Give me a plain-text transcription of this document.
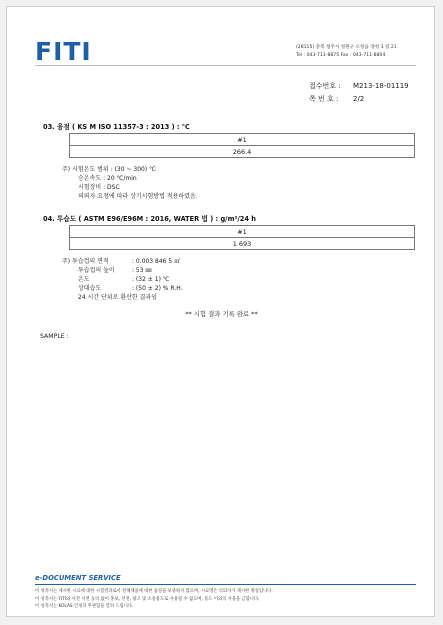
FITI	(28115) 충북 청주시 청원구 오창읍 양청 3 길 21
Tel : 043-711-8875 Fax : 043-711-8804
접수번호 : M213-18-01119
쪽 번 호 : 2/2
03. 융점 ( KS M ISO 11357-3 : 2013 ) : ℃
#1
266.4
주) 시험온도 범위 : (30 ~ 300) ℃
승온속도 : 20 ℃/min
시험장비 : DSC
의뢰자 요청에 따라 상기시험방법 적용하였음.
04. 투습도 ( ASTM E96/E96M : 2016, WATER 법 ) : g/m²/24 h
#1
1 693
주) 투습컵의 면적	: 0.003 846 5 ㎡
투습컵의 높이	: 53 ㎜
온도	: (32 ± 1) ℃
상대습도	: (50 ± 2) % R.H.
24 시간 단위로 환산한 결과임
** 시험 결과 기록 완료 **
SAMPLE :
e-DOCUMENT SERVICE
이 성적서는 제시한 시료에 대한 시험결과로서 전체제품에 대한 품질을 보증하지 않으며, 시료명은 의뢰자가 제시한 명칭입니다.
이 성적서는 FITI와 사전 서면 동의 없이 홍보, 선전, 광고 및 소송용도로 사용될 수 없으며, 용도 이외의 사용을 금합니다.
이 성적서는 KOLAS 인정과 무관함을 알려 드립니다.
